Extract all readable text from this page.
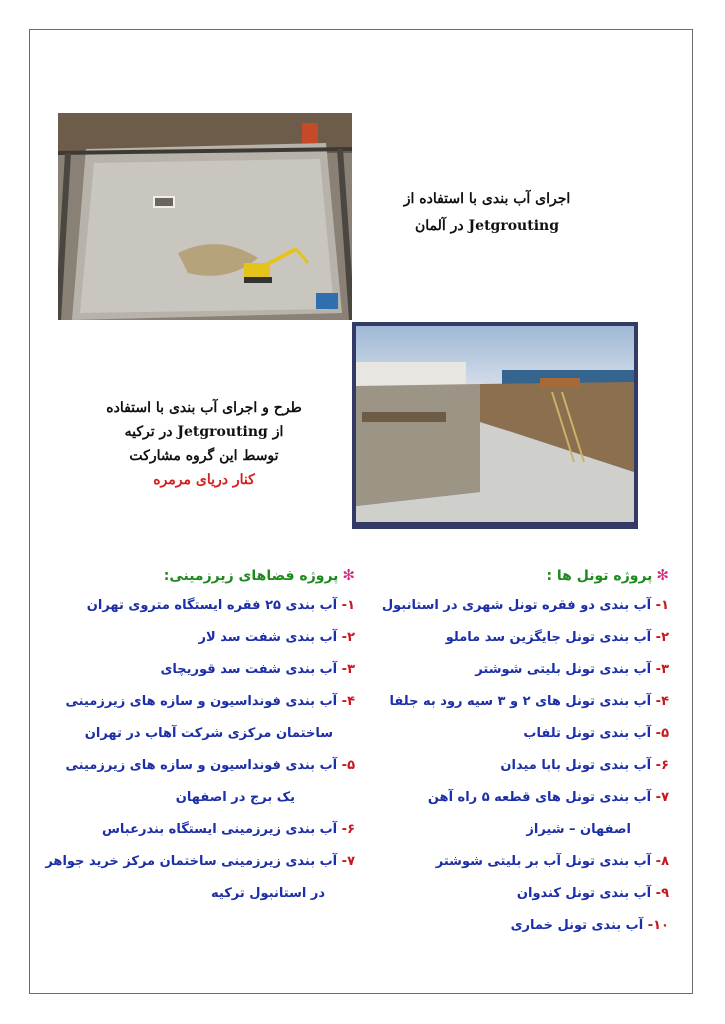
اجرای آب بندی با استفاده از
Jetgrouting در آلمان
طرح و اجرای آب بندی با استفاده
از Jetgrouting در ترکیه
توسط این گروه مشارکت
کنار دریای مرمره
✻پروژه تونل ها :
۱- آب بندی دو فقره تونل شهری در استانبول
۲- آب بندی تونل جایگزین سد ماملو
۳- آب بندی تونل بلیتی شوشتر
۴- آب بندی تونل های ۲ و ۳ سیه رود به جلفا
۵- آب بندی تونل تلفاب
۶- آب بندی تونل بابا میدان
۷- آب بندی تونل های قطعه ۵ راه آهن
اصفهان – شیراز
۸- آب بندی تونل آب بر بلیتی شوشتر
۹- آب بندی تونل کندوان
۱۰- آب بندی تونل خماری
✻پروژه فضاهای زیرزمینی:
۱- آب بندی ۲۵ فقره ایستگاه متروی تهران
۲- آب بندی شفت سد لار
۳- آب بندی شفت سد قوریچای
۴- آب بندی فونداسیون و سازه های زیرزمینی
ساختمان مرکزی شرکت آهاب در تهران
۵- آب بندی فونداسیون و سازه های زیرزمینی
یک برج در اصفهان
۶- آب بندی زیرزمینی ایستگاه بندرعباس
۷- آب بندی زیرزمینی ساختمان مرکز خرید جواهر
در استانبول ترکیه
